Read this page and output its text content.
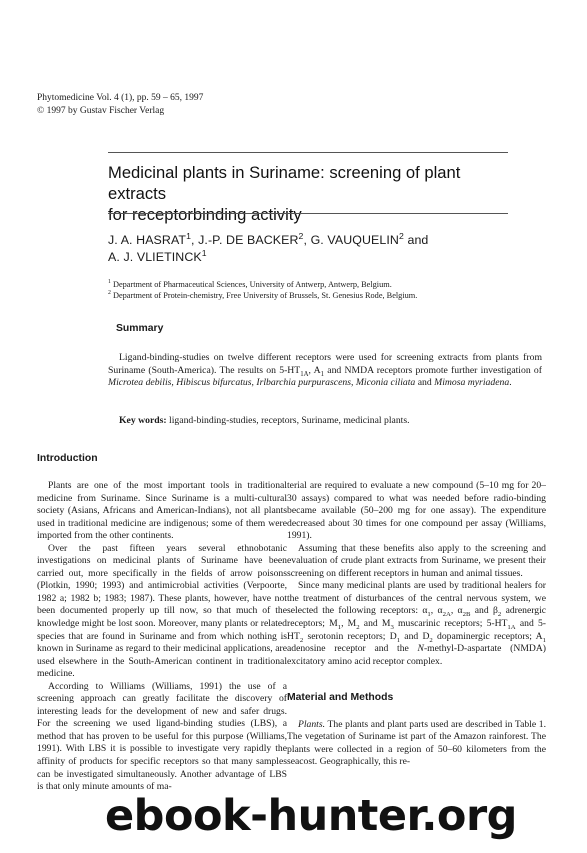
Phytomedicine Vol. 4 (1), pp. 59 – 65, 1997
© 1997 by Gustav Fischer Verlag
Medicinal plants in Suriname: screening of plant extracts
for receptorbinding activity
J. A. HASRAT$^1$, J.-P. DE BACKER$^2$, G. VAUQUELIN$^2$ and
A. J. VLIETINCK$^1$
$^1$ Department of Pharmaceutical Sciences, University of Antwerp, Antwerp, Belgium.
$^2$ Department of Protein-chemistry, Free University of Brussels, St. Genesius Rode, Belgium.
Summary
Ligand-binding-studies on twelve different receptors were used for screening extracts from plants from Suriname (South-America). The results on $5-HT_{1A}$, $A_1$ and NMDA receptors promote further investigation of Microtea debilis, Hibiscus bifurcatus, Irlbarchia purpurascens, Miconia ciliata and Mimosa myriadena.
Key words: ligand-binding-studies, receptors, Suriname, medicinal plants.
Introduction

Plants are one of the most important tools in traditional medicine from Suriname. Since Suriname is a multi-cultural society (Asians, Africans and American-Indians), not all plants used in traditional medicine are indigenous; some of them were imported from the other continents.

Over the past fifteen years several ethnobotanic investigations on medicinal plants of Suriname have been carried out, more specifically in the fields of arrow poisons (Plotkin, 1990; 1993) and antimicrobial activities (Verpoorte, 1982 a; 1982 b; 1983; 1987). These plants, however, have not been documented properly up till now, so that much of the knowledge might be lost soon. Moreover, many plants or related species that are found in Suriname and from which nothing is known in Suriname as regard to their medicinal applications, are used elsewhere in the South-American continent in traditional medicine.

According to Williams (Williams, 1991) the use of a screening approach can greatly facilitate the discovery of interesting leads for the development of new and safer drugs. For the screening we used ligand-binding studies (LBS), a method that has proven to be useful for this purpose (Williams, 1991). With LBS it is possible to investigate very rapidly the affinity of products for specific receptors so that many samples can be investigated simultaneously. Another advantage of LBS is that only minute amounts of ma-

terial are required to evaluate a new compound (5–10 mg for 20–30 assays) compared to what was needed before radio-binding became available (50–200 mg for one assay). The expenditure decreased about 30 times for one compound per assay (Williams, 1991).

Assuming that these benefits also apply to the screening and evaluation of crude plant extracts from Suriname, we present their screening on different receptors in human and animal tissues.

Since many medicinal plants are used by traditional healers for the treatment of disturbances of the central nervous system, we selected the following receptors: $\alpha_1$, $\alpha_{2A}$, $\alpha_{2B}$ and $\beta_2$ adrenergic receptors; $M_1$, $M_2$ and $M_3$ muscarinic receptors; $5-HT_{1A}$ and $5-HT_2$ serotonin receptors; $D_1$ and $D_2$ dopaminergic receptors; $A_1$ adenosine receptor and the N-methyl-D-aspartate (NMDA) excitatory amino acid receptor complex.

Material and Methods

Plants. The plants and plant parts used are described in Table 1. The vegetation of Suriname ist part of the Amazon rainforest. The plants were collected in a region of 50–60 kilometers from the seacost. Geographically, this re-

ebook-hunter.org
